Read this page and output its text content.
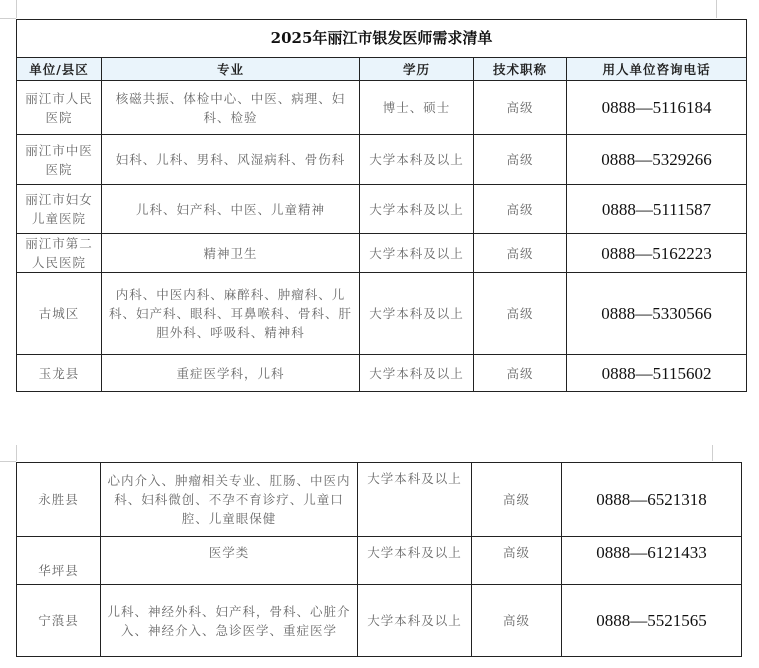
2025年丽江市银发医师需求清单				
单位/县区	专业	学历	技术职称	用人单位咨询电话
丽江市人民医院	核磁共振、体检中心、中医、病理、妇科、检验	博士、硕士	高级	0888—5116184
丽江市中医医院	妇科、儿科、男科、风湿病科、骨伤科	大学本科及以上	高级	0888—5329266
丽江市妇女儿童医院	儿科、妇产科、中医、儿童精神	大学本科及以上	高级	0888—5111587
丽江市第二人民医院	精神卫生	大学本科及以上	高级	0888—5162223
古城区	内科、中医内科、麻醉科、肿瘤科、儿科、妇产科、眼科、耳鼻喉科、骨科、肝胆外科、呼吸科、精神科	大学本科及以上	高级	0888—5330566
玉龙县	重症医学科，儿科	大学本科及以上	高级	0888—5115602
永胜县	心内介入、肿瘤相关专业、肛肠、中医内科、妇科微创、不孕不育诊疗、儿童口腔、儿童眼保健	大学本科及以上	高级	0888—6521318
华坪县	医学类	大学本科及以上	高级	0888—6121433
宁蒗县	儿科、神经外科、妇产科，骨科、心脏介入、神经介入、急诊医学、重症医学	大学本科及以上	高级	0888—5521565
